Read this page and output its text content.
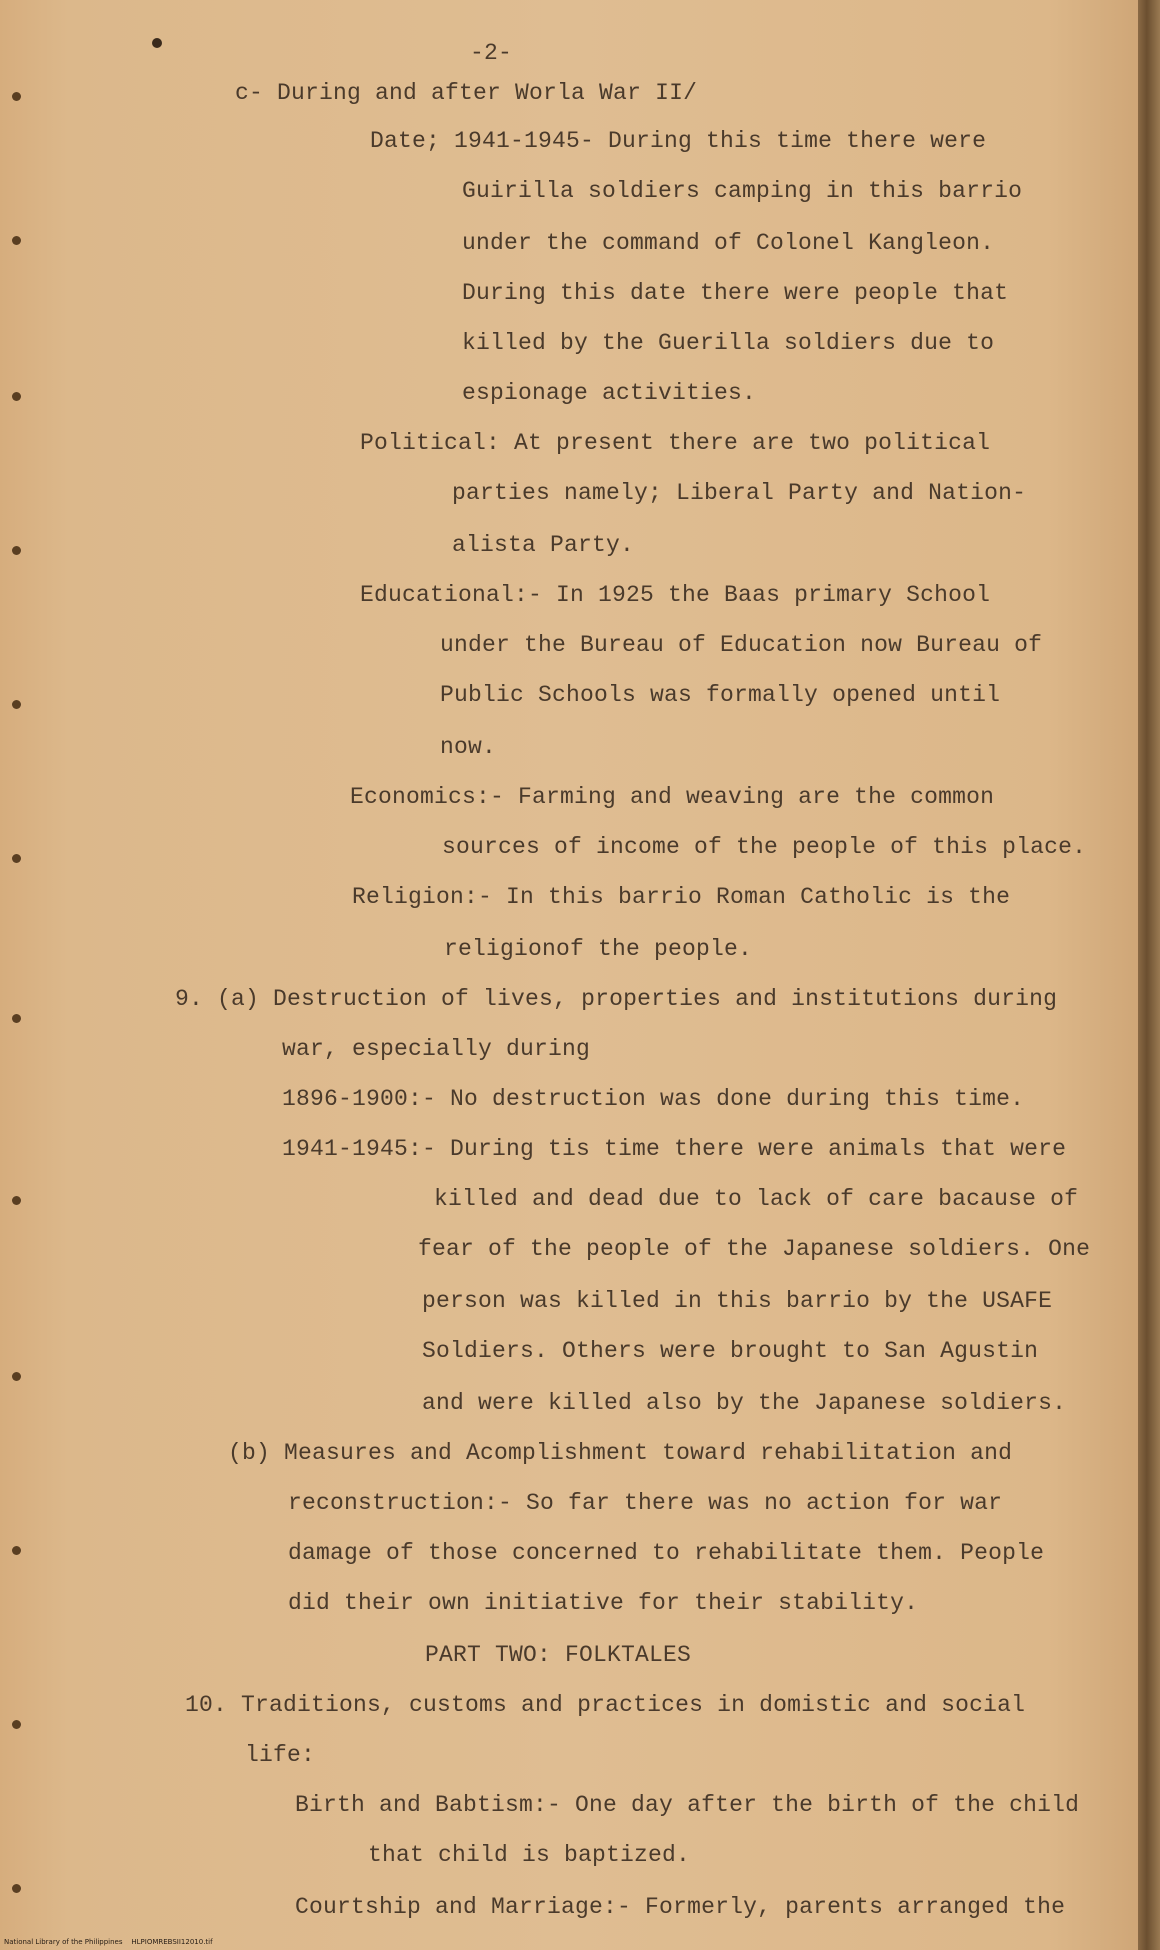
-2-
c- During and after Worla War II/
Date; 1941-1945- During this time there were
Guirilla soldiers camping in this barrio
under the command of Colonel Kangleon.
During this date there were people that
killed by the Guerilla soldiers due to
espionage activities.
Political: At present there are two political
parties namely; Liberal Party and Nation-
alista Party.
Educational:- In 1925 the Baas primary School
under the Bureau of Education now Bureau of
Public Schools was formally opened until
now.
Economics:- Farming and weaving are the common
sources of income of the people of this place.
Religion:- In this barrio Roman Catholic is the
religionof the people.
9. (a) Destruction of lives, properties and institutions during
war, especially during
1896-1900:- No destruction was done during this time.
1941-1945:- During tis time there were animals that were
killed and dead due to lack of care bacause of
fear of the people of the Japanese soldiers. One
person was killed in this barrio by the USAFE
Soldiers. Others were brought to San Agustin
and were killed also by the Japanese soldiers.
(b) Measures and Acomplishment toward rehabilitation and
reconstruction:- So far there was no action for war
damage of those concerned to rehabilitate them. People
did their own initiative for their stability.
PART TWO: FOLKTALES
10. Traditions, customs and practices in domistic and social
life:
Birth and Babtism:- One day after the birth of the child
that child is baptized.
Courtship and Marriage:- Formerly, parents arranged the
National Library of the Philippines    HLPIOMREBSII12010.tif
